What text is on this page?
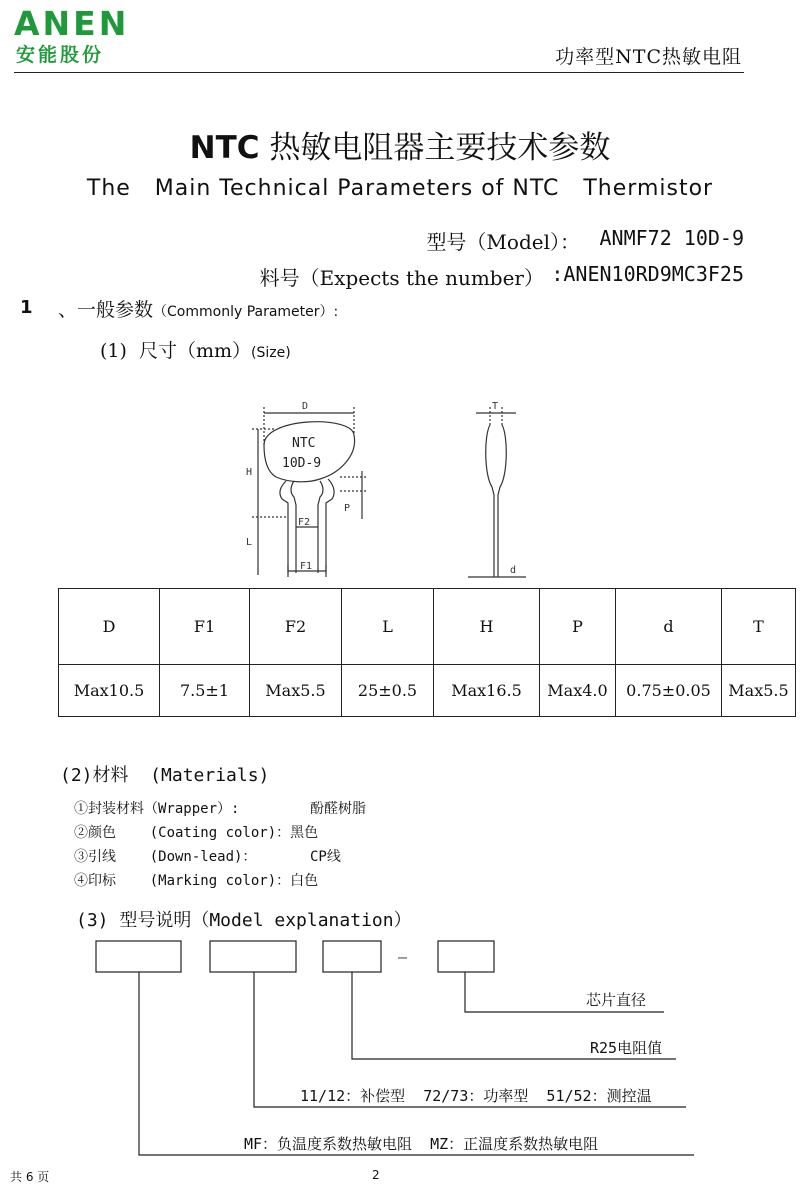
ANEN
安能股份	功率型NTC热敏电阻
NTC 热敏电阻器主要技术参数
The   Main Technical Parameters of NTC   Thermistor
型号（Model）： ANMF72 10D-9
料号（Expects the number） :ANEN10RD9MC3F25
1 、一般参数（Commonly Parameter）:
(1)  尺寸（mm）(Size)
D
H
L
P
F2
F1
T
d
NTC
10D-9
D	F1	F2	L	H	P	d	T
Max10.5	7.5±1	Max5.5	25±0.5	Max16.5	Max4.0	0.75±0.05	Max5.5
(2)材料  (Materials)
①封装材料（Wrapper）:	酚醛树脂
②颜色    (Coating color)：黑色
③引线    (Down-lead)：	CP线
④印标    (Marking color)：白色
(3) 型号说明（Model explanation）
—
芯片直径
R25电阻值
11/12：补偿型  72/73：功率型  51/52：测控温
MF：负温度系数热敏电阻  MZ：正温度系数热敏电阻
共 6 页	2
